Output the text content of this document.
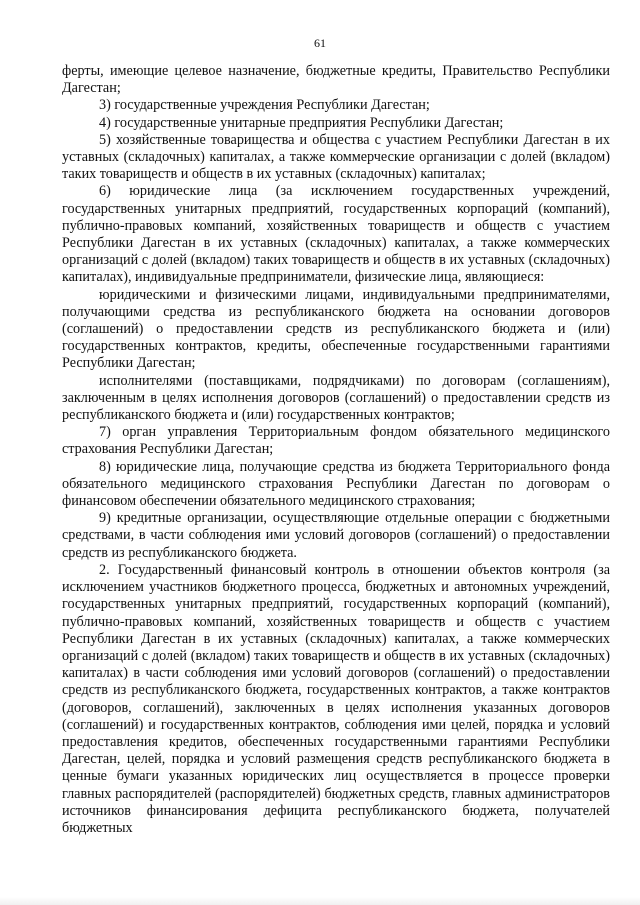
61

ферты, имеющие целевое назначение, бюджетные кредиты, Правительство Республики Дагестан;

3) государственные учреждения Республики Дагестан;

4) государственные унитарные предприятия Республики Дагестан;

5) хозяйственные товарищества и общества с участием Республики Дагестан в их уставных (складочных) капиталах, а также коммерческие организации с долей (вкладом) таких товариществ и обществ в их уставных (складочных) капиталах;

6) юридические лица (за исключением государственных учреждений, государственных унитарных предприятий, государственных корпораций (компаний), публично-правовых компаний, хозяйственных товариществ и обществ с участием Республики Дагестан в их уставных (складочных) капиталах, а также коммерческих организаций с долей (вкладом) таких товариществ и обществ в их уставных (складочных) капиталах), индивидуальные предприниматели, физические лица, являющиеся:

юридическими и физическими лицами, индивидуальными предпринимателями, получающими средства из республиканского бюджета на основании договоров (соглашений) о предоставлении средств из республиканского бюджета и (или) государственных контрактов, кредиты, обеспеченные государственными гарантиями Республики Дагестан;

исполнителями (поставщиками, подрядчиками) по договорам (соглашениям), заключенным в целях исполнения договоров (соглашений) о предоставлении средств из республиканского бюджета и (или) государственных контрактов;

7) орган управления Территориальным фондом обязательного медицинского страхования Республики Дагестан;

8) юридические лица, получающие средства из бюджета Территориального фонда обязательного медицинского страхования Республики Дагестан по договорам о финансовом обеспечении обязательного медицинского страхования;

9) кредитные организации, осуществляющие отдельные операции с бюджетными средствами, в части соблюдения ими условий договоров (соглашений) о предоставлении средств из республиканского бюджета.

2. Государственный финансовый контроль в отношении объектов контроля (за исключением участников бюджетного процесса, бюджетных и автономных учреждений, государственных унитарных предприятий, государственных корпораций (компаний), публично-правовых компаний, хозяйственных товариществ и обществ с участием Республики Дагестан в их уставных (складочных) капиталах, а также коммерческих организаций с долей (вкладом) таких товариществ и обществ в их уставных (складочных) капиталах) в части соблюдения ими условий договоров (соглашений) о предоставлении средств из республиканского бюджета, государственных контрактов, а также контрактов (договоров, соглашений), заключенных в целях исполнения указанных договоров (соглашений) и государственных контрактов, соблюдения ими целей, порядка и условий предоставления кредитов, обеспеченных государственными гарантиями Республики Дагестан, целей, порядка и условий размещения средств республиканского бюджета в ценные бумаги указанных юридических лиц осуществляется в процессе проверки главных распорядителей (распорядителей) бюджетных средств, главных администраторов источников финансирования дефицита республиканского бюджета, получателей бюджетных
